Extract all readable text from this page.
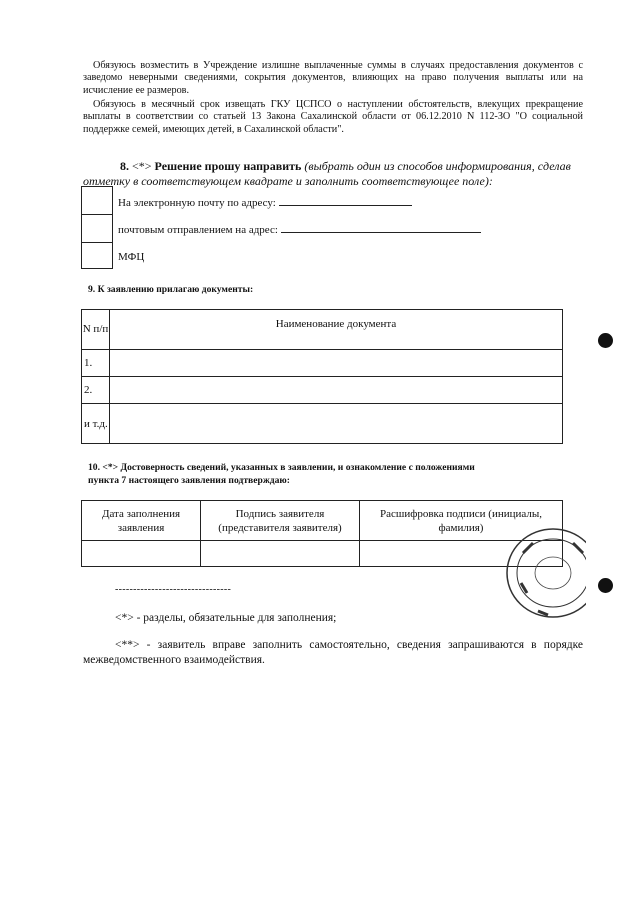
Обязуюсь возместить в Учреждение излишне выплаченные суммы в случаях предоставления документов с заведомо неверными сведениями, сокрытия документов, влияющих на право получения выплаты или на исчисление ее размеров.
Обязуюсь в месячный срок извещать ГКУ ЦСПСО о наступлении обстоятельств, влекущих прекращение выплаты в соответствии со статьей 13 Закона Сахалинской области от 06.12.2010 N 112-ЗО "О социальной поддержке семей, имеющих детей, в Сахалинской области".
8. <*> Решение прошу направить (выбрать один из способов информирования, сделав отметку в соответствующем квадрате и заполнить соответствующее поле):
На электронную почту по адресу:
почтовым отправлением на адрес:
МФЦ
9. К заявлению прилагаю документы:
N п/п	Наименование документа
1.	
2.	
и т.д.	
10. <*> Достоверность сведений, указанных в заявлении, и ознакомление с положениями пункта 7 настоящего заявления подтверждаю:
Дата заполнения заявления	Подпись заявителя (представителя заявителя)	Расшифровка подписи (инициалы, фамилия)

--------------------------------
<*> - разделы, обязательные для заполнения;
<**> - заявитель вправе заполнить самостоятельно, сведения запрашиваются в порядке межведомственного взаимодействия.
